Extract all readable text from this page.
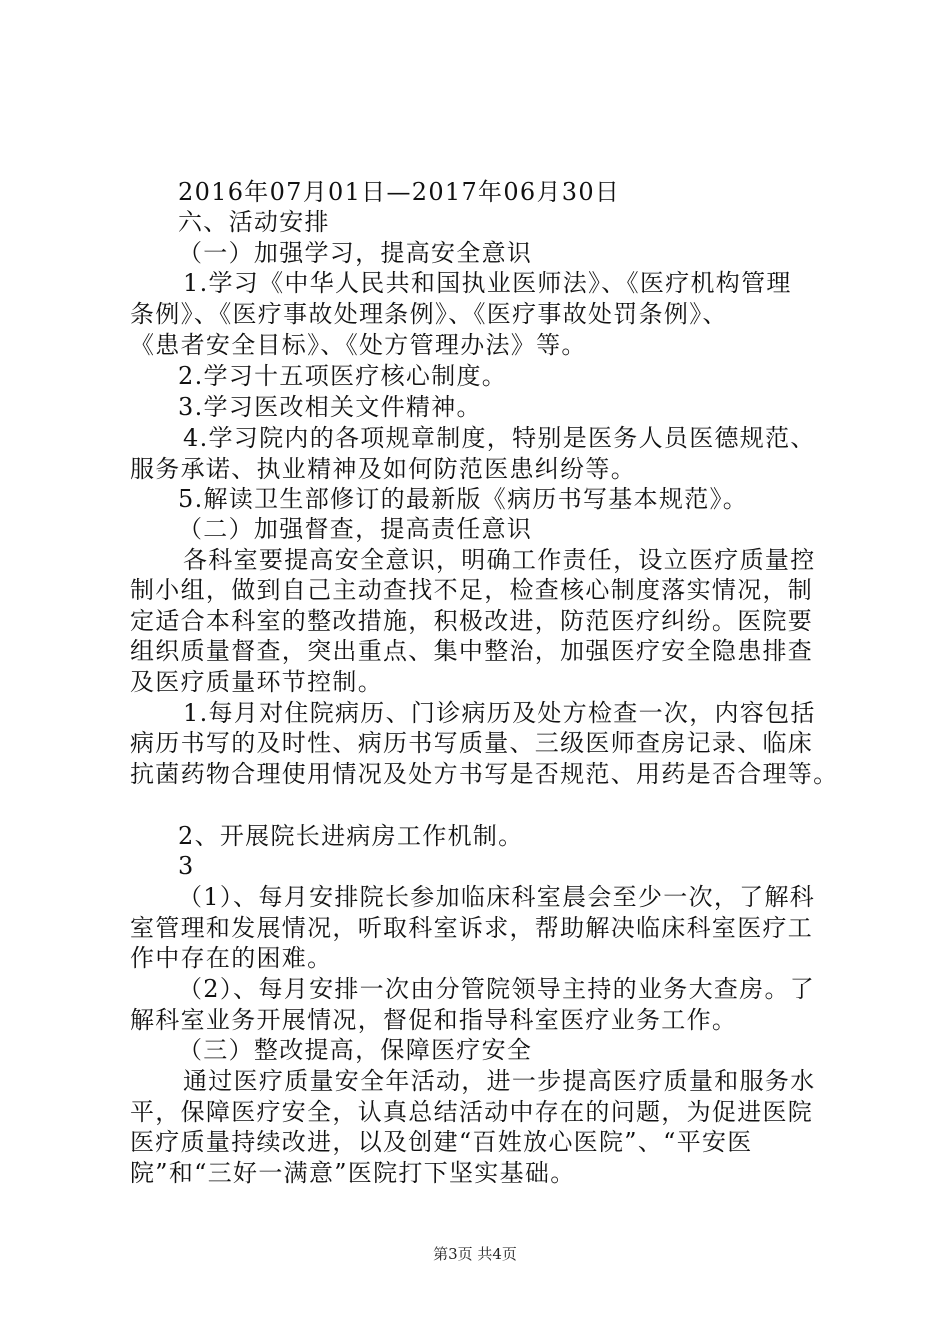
2016年07月01日—2017年06月30日
六、活动安排
（一）加强学习，提高安全意识
1.学习《中华人民共和国执业医师法》、《医疗机构管理
条例》、《医疗事故处理条例》、《医疗事故处罚条例》、
《患者安全目标》、《处方管理办法》等。
2.学习十五项医疗核心制度。
3.学习医改相关文件精神。
4.学习院内的各项规章制度，特别是医务人员医德规范、
服务承诺、执业精神及如何防范医患纠纷等。
5.解读卫生部修订的最新版《病历书写基本规范》。
（二）加强督查，提高责任意识
各科室要提高安全意识，明确工作责任，设立医疗质量控
制小组，做到自己主动查找不足，检查核心制度落实情况，制
定适合本科室的整改措施，积极改进，防范医疗纠纷。医院要
组织质量督查，突出重点、集中整治，加强医疗安全隐患排查
及医疗质量环节控制。
1.每月对住院病历、门诊病历及处方检查一次，内容包括
病历书写的及时性、病历书写质量、三级医师查房记录、临床
抗菌药物合理使用情况及处方书写是否规范、用药是否合理等。
2、开展院长进病房工作机制。
3
（1）、每月安排院长参加临床科室晨会至少一次，了解科
室管理和发展情况，听取科室诉求，帮助解决临床科室医疗工
作中存在的困难。
（2）、每月安排一次由分管院领导主持的业务大查房。了
解科室业务开展情况，督促和指导科室医疗业务工作。
（三）整改提高，保障医疗安全
通过医疗质量安全年活动，进一步提高医疗质量和服务水
平，保障医疗安全，认真总结活动中存在的问题，为促进医院
医疗质量持续改进，以及创建“百姓放心医院”、“平安医
院”和“三好一满意”医院打下坚实基础。
第3页 共4页
